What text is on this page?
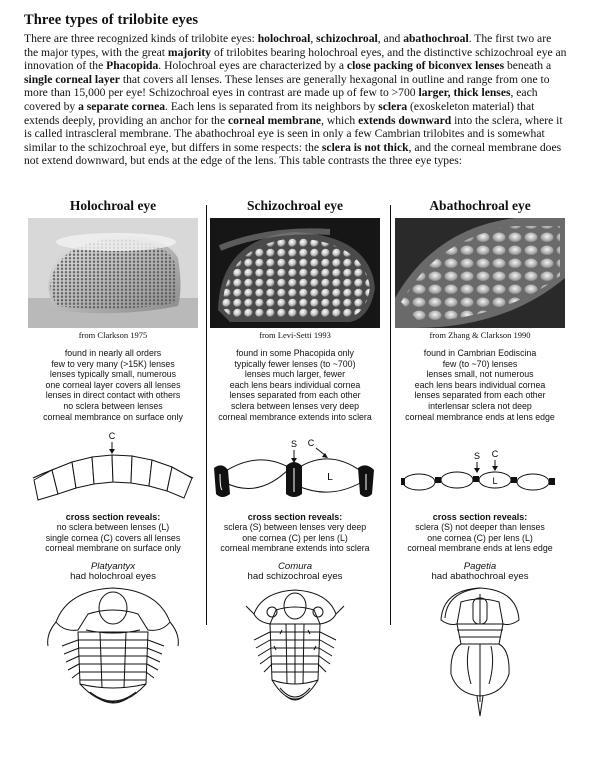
Three types of trilobite eyes

There are three recognized kinds of trilobite eyes: holochroal, schizochroal, and abathochroal. The first two are the major types, with the great majority of trilobites bearing holochroal eyes, and the distinctive schizochroal eye an innovation of the Phacopida. Holochroal eyes are characterized by a close packing of biconvex lenses beneath a single corneal layer that covers all lenses. These lenses are generally hexagonal in outline and range from one to more than 15,000 per eye! Schizochroal eyes in contrast are made up of few to >700 larger, thick lenses, each covered by a separate cornea. Each lens is separated from its neighbors by sclera (exoskeleton material) that extends deeply, providing an anchor for the corneal membrane, which extends downward into the sclera, where it is called intrascleral membrane. The abathochroal eye is seen in only a few Cambrian trilobites and is somewhat similar to the schizochroal eye, but differs in some respects: the sclera is not thick, and the corneal membrane does not extend downward, but ends at the edge of the lens. This table contrasts the three eye types:

Holochroal eye
from Clarkson 1975
found in nearly all orders
few to very many (>15K) lenses
lenses typically small, numerous
one corneal layer covers all lenses
lenses in direct contact with others
no sclera between lenses
corneal membrance on surface only
C
cross section reveals:
no sclera between lenses (L)
single cornea (C) covers all lenses
corneal membrane on surface only
Platyantyx
had holochroal eyes
Schizochroal eye
from Levi-Setti 1993
found in some Phacopida only
typically fewer lenses (to ~700)
lenses much larger, fewer
each lens bears individual cornea
lenses separated from each other
sclera between lenses very deep
corneal membrance extends into sclera
S C
L
cross section reveals:
sclera (S) between lenses very deep
one cornea (C) per lens (L)
corneal membrane extends into sclera
Comura
had schizochroal eyes
Abathochroal eye
from Zhang & Clarkson 1990
found in Cambrian Eodiscina
few (to ~70) lenses
lenses small, not numerous
each lens bears individual cornea
lenses separated from each other
interlensar sclera not deep
corneal membrance ends at lens edge
S C
L
cross section reveals:
sclera (S) not deeper than lenses
one cornea (C) per lens (L)
corneal membrane ends at lens edge
Pagetia
had abathochroal eyes
